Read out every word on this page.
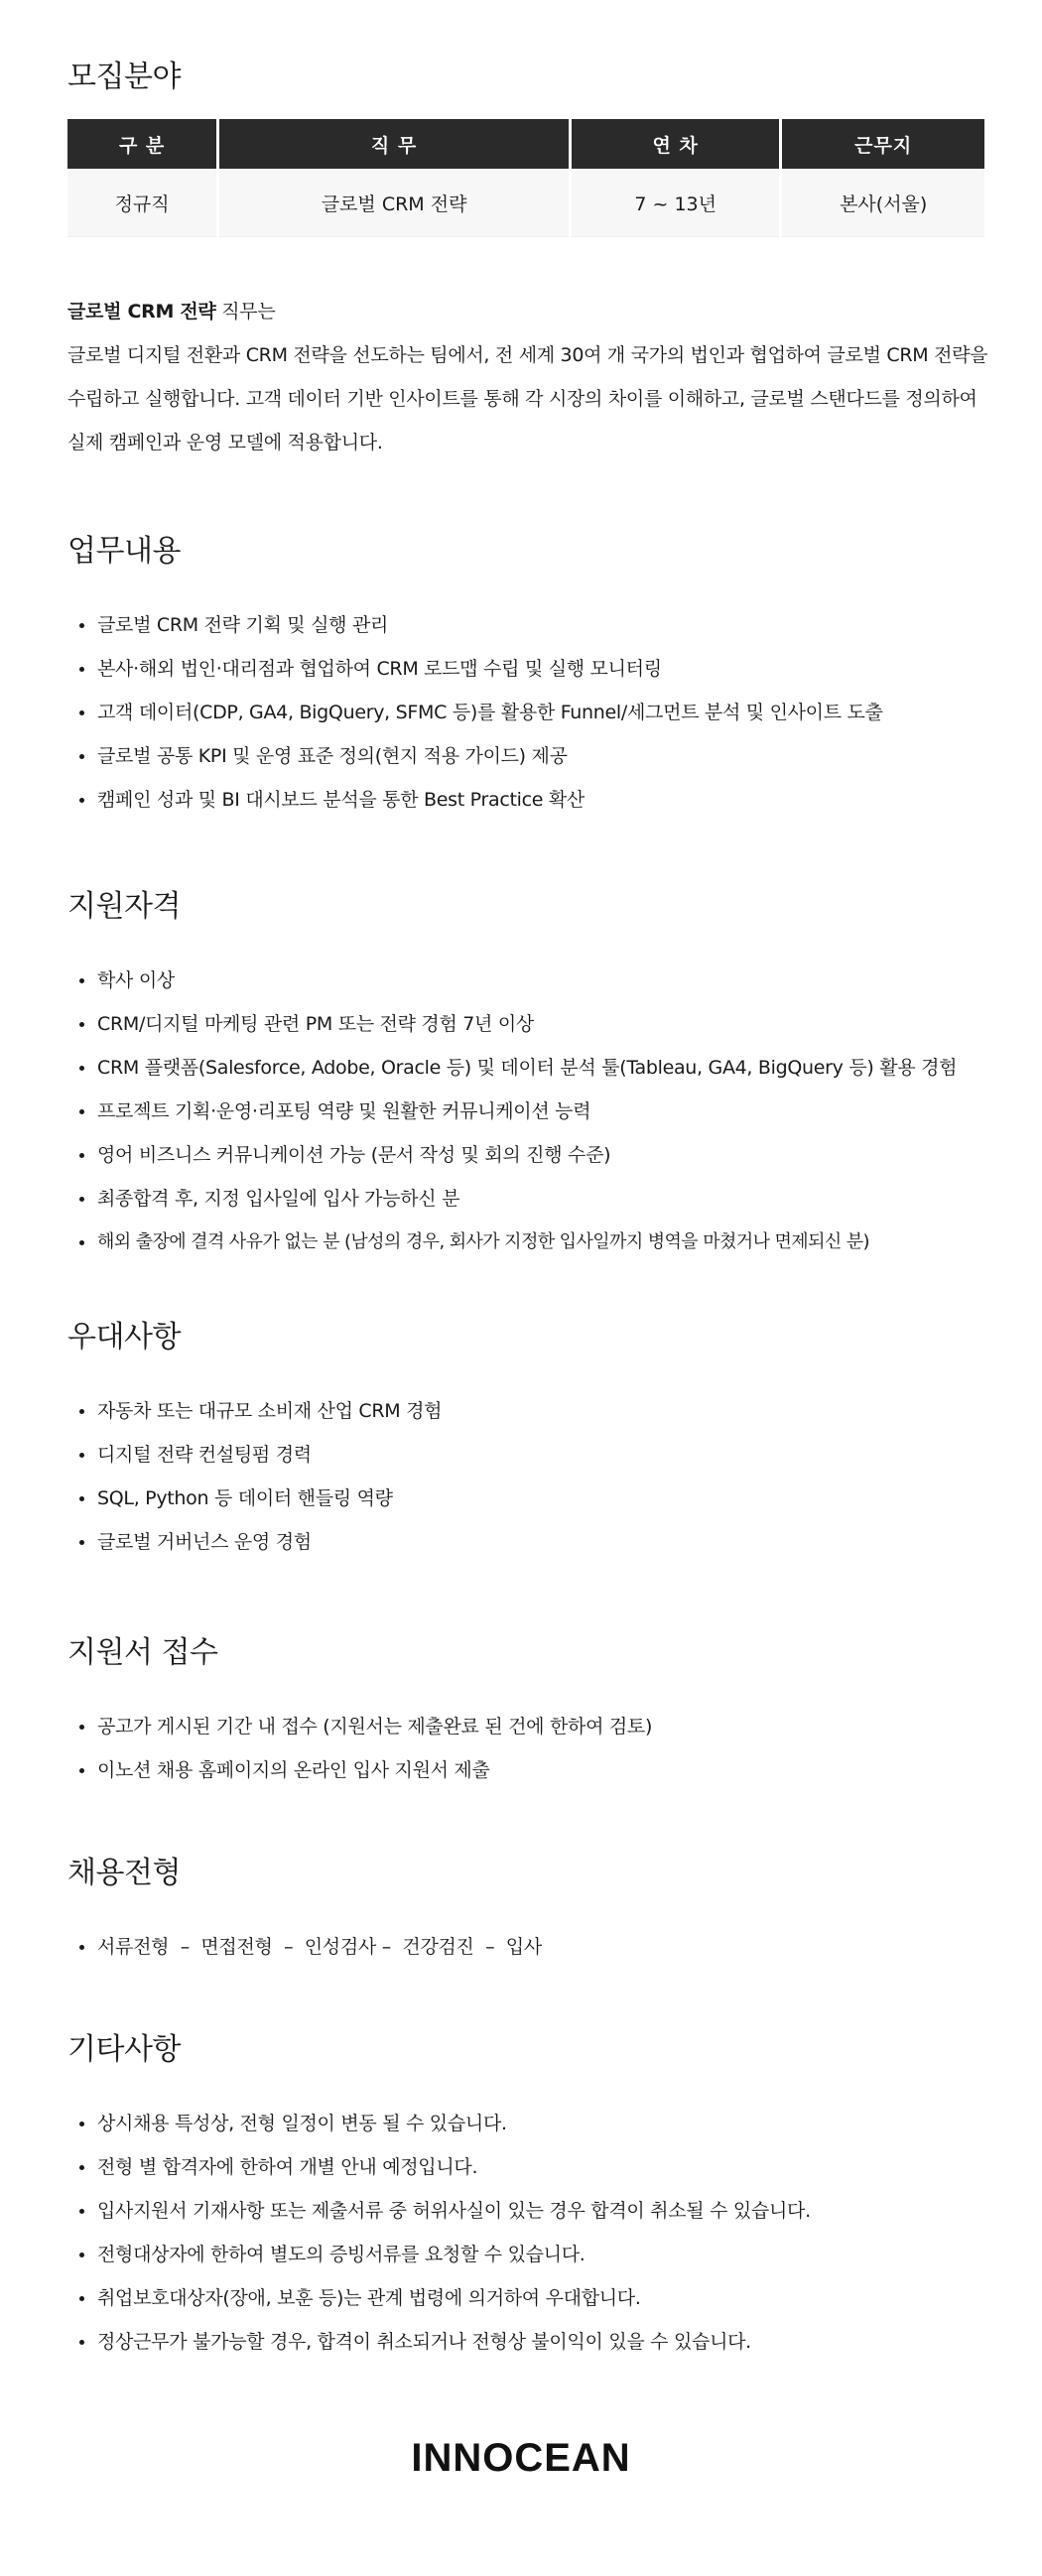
모집분야
구 분	직 무	연 차	근무지
정규직	글로벌 CRM 전략	7 ~ 13년	본사(서울)
글로벌 CRM 전략 직무는
글로벌 디지털 전환과 CRM 전략을 선도하는 팀에서, 전 세계 30여 개 국가의 법인과 협업하여 글로벌 CRM 전략을 수립하고 실행합니다. 고객 데이터 기반 인사이트를 통해 각 시장의 차이를 이해하고, 글로벌 스탠다드를 정의하여 실제 캠페인과 운영 모델에 적용합니다.
업무내용
글로벌 CRM 전략 기획 및 실행 관리
본사·해외 법인·대리점과 협업하여 CRM 로드맵 수립 및 실행 모니터링
고객 데이터(CDP, GA4, BigQuery, SFMC 등)를 활용한 Funnel/세그먼트 분석 및 인사이트 도출
글로벌 공통 KPI 및 운영 표준 정의(현지 적용 가이드) 제공
캠페인 성과 및 BI 대시보드 분석을 통한 Best Practice 확산
지원자격
학사 이상
CRM/디지털 마케팅 관련 PM 또는 전략 경험 7년 이상
CRM 플랫폼(Salesforce, Adobe, Oracle 등) 및 데이터 분석 툴(Tableau, GA4, BigQuery 등) 활용 경험
프로젝트 기획·운영·리포팅 역량 및 원활한 커뮤니케이션 능력
영어 비즈니스 커뮤니케이션 가능 (문서 작성 및 회의 진행 수준)
최종합격 후, 지정 입사일에 입사 가능하신 분
해외 출장에 결격 사유가 없는 분 (남성의 경우, 회사가 지정한 입사일까지 병역을 마쳤거나 면제되신 분)
우대사항
자동차 또는 대규모 소비재 산업 CRM 경험
디지털 전략 컨설팅펌 경력
SQL, Python 등 데이터 핸들링 역량
글로벌 거버넌스 운영 경험
지원서 접수
공고가 게시된 기간 내 접수 (지원서는 제출완료 된 건에 한하여 검토)
이노션 채용 홈페이지의 온라인 입사 지원서 제출
채용전형
서류전형  –  면접전형  –  인성검사 –  건강검진  –  입사
기타사항
상시채용 특성상, 전형 일정이 변동 될 수 있습니다.
전형 별 합격자에 한하여 개별 안내 예정입니다.
입사지원서 기재사항 또는 제출서류 중 허위사실이 있는 경우 합격이 취소될 수 있습니다.
전형대상자에 한하여 별도의 증빙서류를 요청할 수 있습니다.
취업보호대상자(장애, 보훈 등)는 관계 법령에 의거하여 우대합니다.
정상근무가 불가능할 경우, 합격이 취소되거나 전형상 불이익이 있을 수 있습니다.
INNOCEAN
